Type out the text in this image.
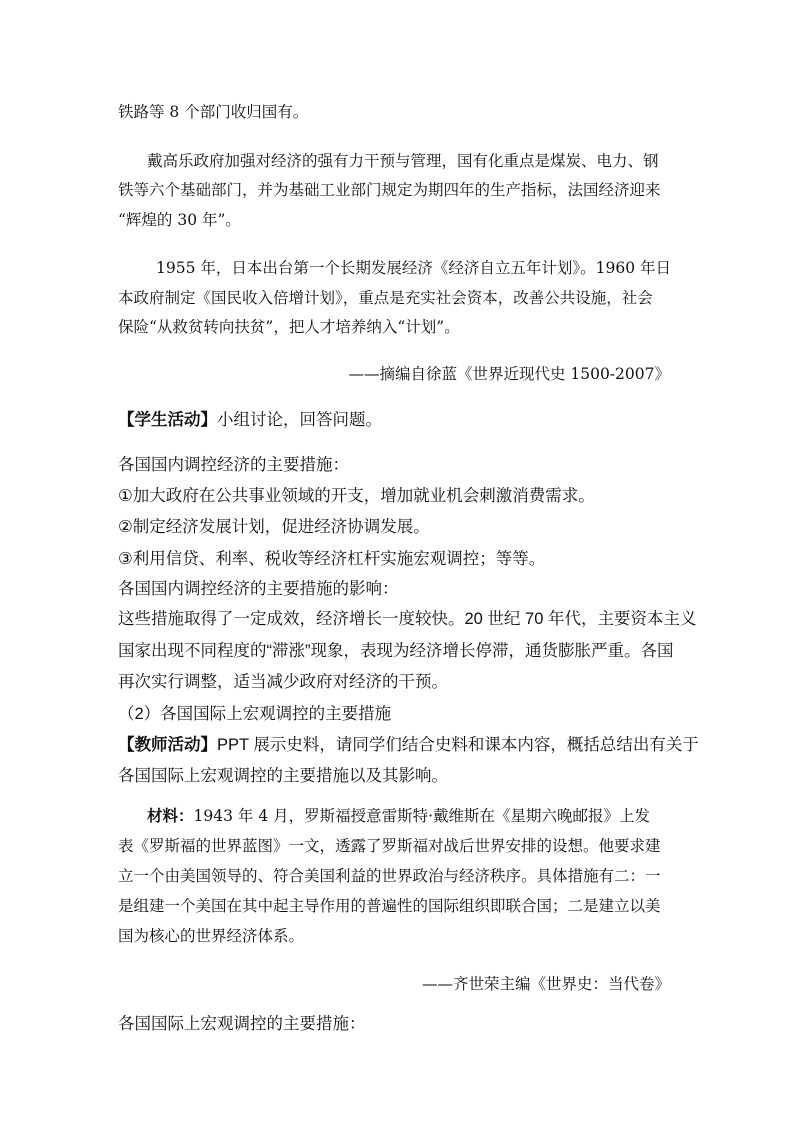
铁路等 8 个部门收归国有。

戴高乐政府加强对经济的强有力干预与管理，国有化重点是煤炭、电力、钢

铁等六个基础部门，并为基础工业部门规定为期四年的生产指标，法国经济迎来

“辉煌的 30 年”。

1955 年，日本出台第一个长期发展经济《经济自立五年计划》。1960 年日

本政府制定《国民收入倍增计划》，重点是充实社会资本，改善公共设施，社会

保险“从救贫转向扶贫”，把人才培养纳入“计划”。

——摘编自徐蓝《世界近现代史 1500-2007》

【学生活动】小组讨论，回答问题。

各国国内调控经济的主要措施：

①加大政府在公共事业领域的开支，增加就业机会刺激消费需求。

②制定经济发展计划，促进经济协调发展。

③利用信贷、利率、税收等经济杠杆实施宏观调控；等等。

各国国内调控经济的主要措施的影响：

这些措施取得了一定成效，经济增长一度较快。20 世纪 70 年代，主要资本主义

国家出现不同程度的“滞涨”现象，表现为经济增长停滞，通货膨胀严重。各国

再次实行调整，适当减少政府对经济的干预。

（2）各国国际上宏观调控的主要措施

【教师活动】PPT 展示史料，请同学们结合史料和课本内容，概括总结出有关于

各国国际上宏观调控的主要措施以及其影响。

材料：1943 年 4 月，罗斯福授意雷斯特·戴维斯在《星期六晚邮报》上发

表《罗斯福的世界蓝图》一文，透露了罗斯福对战后世界安排的设想。他要求建

立一个由美国领导的、符合美国利益的世界政治与经济秩序。具体措施有二：一

是组建一个美国在其中起主导作用的普遍性的国际组织即联合国；二是建立以美

国为核心的世界经济体系。

——齐世荣主编《世界史：当代卷》

各国国际上宏观调控的主要措施：
